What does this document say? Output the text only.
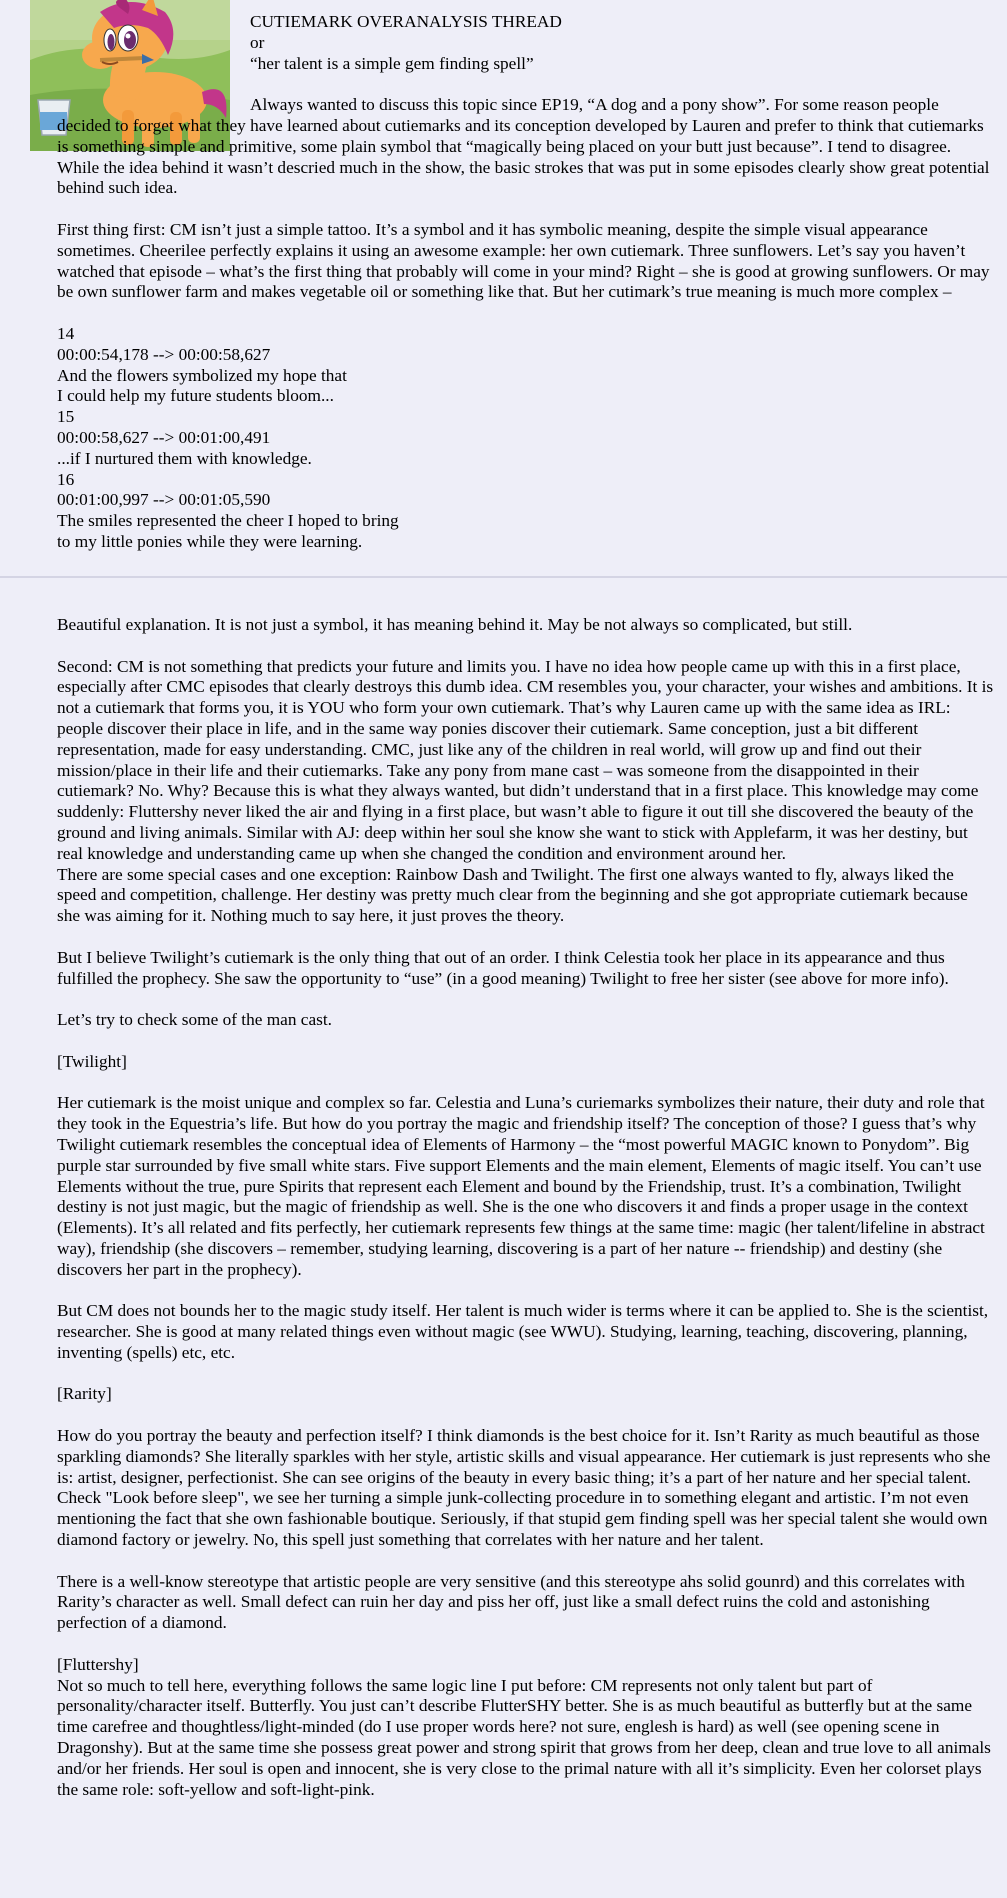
CUTIEMARK OVERANALYSIS THREAD
or
“her talent is a simple gem finding spell”

Always wanted to discuss this topic since EP19, “A dog and a pony show”. For some reason people decided to forget what they have learned about cutiemarks and its conception developed by Lauren and prefer to think that cutiemarks is something simple and primitive, some plain symbol that “magically being placed on your butt just because”. I tend to disagree. While the idea behind it wasn’t descried much in the show, the basic strokes that was put in some episodes clearly show great potential behind such idea.

First thing first: CM isn’t just a simple tattoo. It’s a symbol and it has symbolic meaning, despite the simple visual appearance sometimes. Cheerilee perfectly explains it using an awesome example: her own cutiemark. Three sunflowers. Let’s say you haven’t watched that episode – what’s the first thing that probably will come in your mind? Right – she is good at growing sunflowers. Or may be own sunflower farm and makes vegetable oil or something like that. But her cutimark’s true meaning is much more complex –

14
00:00:54,178 --> 00:00:58,627
And the flowers symbolized my hope that
I could help my future students bloom...
15
00:00:58,627 --> 00:01:00,491
...if I nurtured them with knowledge.
16
00:01:00,997 --> 00:01:05,590
The smiles represented the cheer I hoped to bring
to my little ponies while they were learning.

Beautiful explanation. It is not just a symbol, it has meaning behind it. May be not always so complicated, but still.

Second: CM is not something that predicts your future and limits you. I have no idea how people came up with this in a first place, especially after CMC episodes that clearly destroys this dumb idea. CM resembles you, your character, your wishes and ambitions. It is not a cutiemark that forms you, it is YOU who form your own cutiemark. That’s why Lauren came up with the same idea as IRL: people discover their place in life, and in the same way ponies discover their cutiemark. Same conception, just a bit different representation, made for easy understanding. CMC, just like any of the children in real world, will grow up and find out their mission/place in their life and their cutiemarks. Take any pony from mane cast – was someone from the disappointed in their cutiemark? No. Why? Because this is what they always wanted, but didn’t understand that in a first place. This knowledge may come suddenly: Fluttershy never liked the air and flying in a first place, but wasn’t able to figure it out till she discovered the beauty of the ground and living animals. Similar with AJ: deep within her soul she know she want to stick with Applefarm, it was her destiny, but real knowledge and understanding came up when she changed the condition and environment around her.

There are some special cases and one exception: Rainbow Dash and Twilight. The first one always wanted to fly, always liked the speed and competition, challenge. Her destiny was pretty much clear from the beginning and she got appropriate cutiemark because she was aiming for it. Nothing much to say here, it just proves the theory.

But I believe Twilight’s cutiemark is the only thing that out of an order. I think Celestia took her place in its appearance and thus fulfilled the prophecy. She saw the opportunity to “use” (in a good meaning) Twilight to free her sister (see above for more info).

Let’s try to check some of the man cast.

[Twilight]

Her cutiemark is the moist unique and complex so far. Celestia and Luna’s curiemarks symbolizes their nature, their duty and role that they took in the Equestria’s life. But how do you portray the magic and friendship itself? The conception of those? I guess that’s why Twilight cutiemark resembles the conceptual idea of Elements of Harmony – the “most powerful MAGIC known to Ponydom”. Big purple star surrounded by five small white stars. Five support Elements and the main element, Elements of magic itself. You can’t use Elements without the true, pure Spirits that represent each Element and bound by the Friendship, trust. It’s a combination, Twilight destiny is not just magic, but the magic of friendship as well. She is the one who discovers it and finds a proper usage in the context (Elements). It’s all related and fits perfectly, her cutiemark represents few things at the same time: magic (her talent/lifeline in abstract way), friendship (she discovers – remember, studying learning, discovering is a part of her nature -- friendship) and destiny (she discovers her part in the prophecy).

But CM does not bounds her to the magic study itself. Her talent is much wider is terms where it can be applied to. She is the scientist, researcher. She is good at many related things even without magic (see WWU). Studying, learning, teaching, discovering, planning, inventing (spells) etc, etc.

[Rarity]

How do you portray the beauty and perfection itself? I think diamonds is the best choice for it. Isn’t Rarity as much beautiful as those sparkling diamonds? She literally sparkles with her style, artistic skills and visual appearance. Her cutiemark is just represents who she is: artist, designer, perfectionist. She can see origins of the beauty in every basic thing; it’s a part of her nature and her special talent. Check "Look before sleep", we see her turning a simple junk-collecting procedure in to something elegant and artistic. I’m not even mentioning the fact that she own fashionable boutique. Seriously, if that stupid gem finding spell was her special talent she would own diamond factory or jewelry. No, this spell just something that correlates with her nature and her talent.

There is a well-know stereotype that artistic people are very sensitive (and this stereotype ahs solid gounrd) and this correlates with Rarity’s character as well. Small defect can ruin her day and piss her off, just like a small defect ruins the cold and astonishing perfection of a diamond.

[Fluttershy]

Not so much to tell here, everything follows the same logic line I put before: CM represents not only talent but part of personality/character itself. Butterfly. You just can’t describe FlutterSHY better. She is as much beautiful as butterfly but at the same time carefree and thoughtless/light-minded (do I use proper words here? not sure, englesh is hard) as well (see opening scene in Dragonshy). But at the same time she possess great power and strong spirit that grows from her deep, clean and true love to all animals and/or her friends. Her soul is open and innocent, she is very close to the primal nature with all it’s simplicity. Even her colorset plays the same role: soft-yellow and soft-light-pink.
